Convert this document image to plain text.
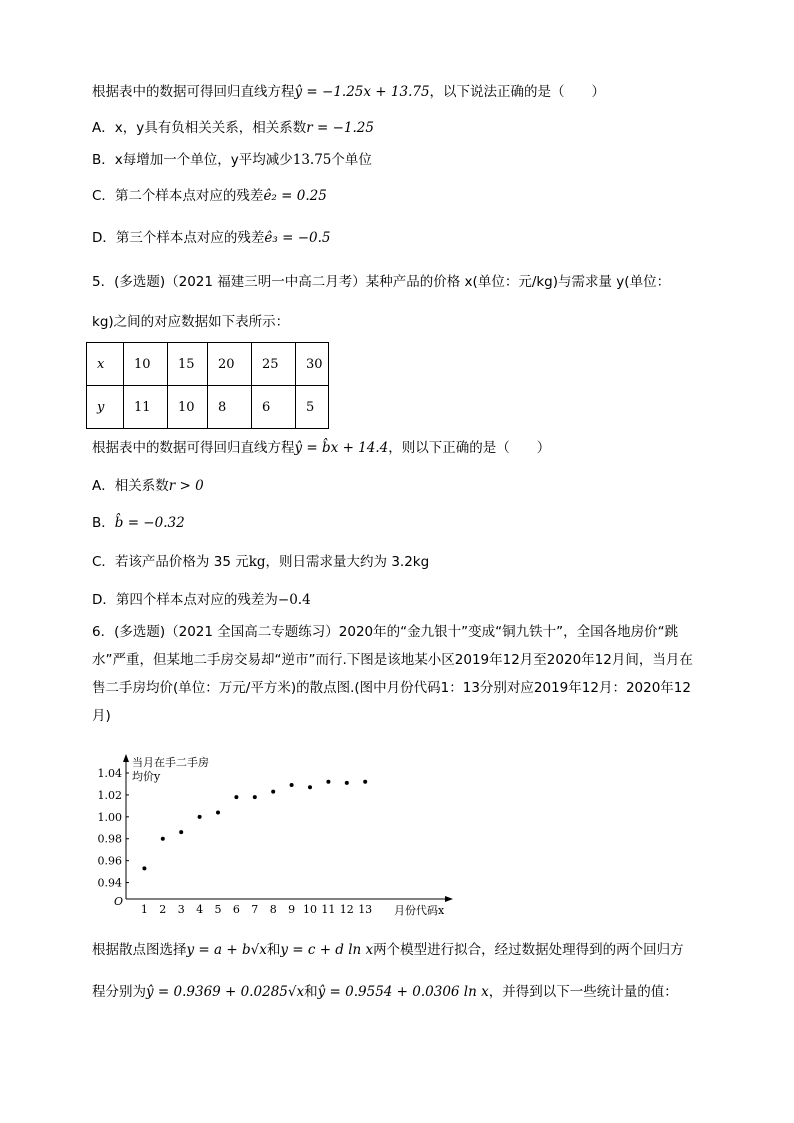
根据表中的数据可得回归直线方程ŷ = −1.25x + 13.75，以下说法正确的是（　　）
A．x，y具有负相关关系，相关系数r = −1.25
B．x每增加一个单位，y平均减少13.75个单位
C．第二个样本点对应的残差ê₂ = 0.25
D．第三个样本点对应的残差ê₃ = −0.5
5．(多选题)（2021 福建三明一中高二月考）某种产品的价格 x(单位：元/kg)与需求量 y(单位：
kg)之间的对应数据如下表所示：
x	10	15	20	25	30
y	11	10	8	6	5
根据表中的数据可得回归直线方程ŷ = b̂x + 14.4，则以下正确的是（　　）
A．相关系数r > 0
B．b̂ = −0.32
C．若该产品价格为 35 元kg，则日需求量大约为 3.2kg
D．第四个样本点对应的残差为−0.4
6．(多选题)（2021 全国高二专题练习）2020年的“金九银十”变成“铜九铁十”，全国各地房价“跳水”严重，但某地二手房交易却“逆市”而行.下图是该地某小区2019年12月至2020年12月间，当月在售二手房均价(单位：万元/平方米)的散点图.(图中月份代码1：13分别对应2019年12月：2020年12月)
0.94
0.96
0.98
1.00
1.02
1.04
1 2 3 4 5 6 7 8 9 10 11 12 13
当月在手二手房
均价y
月份代码x
O
根据散点图选择y = a + b√x和y = c + d ln x两个模型进行拟合，经过数据处理得到的两个回归方
程分别为ŷ = 0.9369 + 0.0285√x和ŷ = 0.9554 + 0.0306 ln x，并得到以下一些统计量的值：
